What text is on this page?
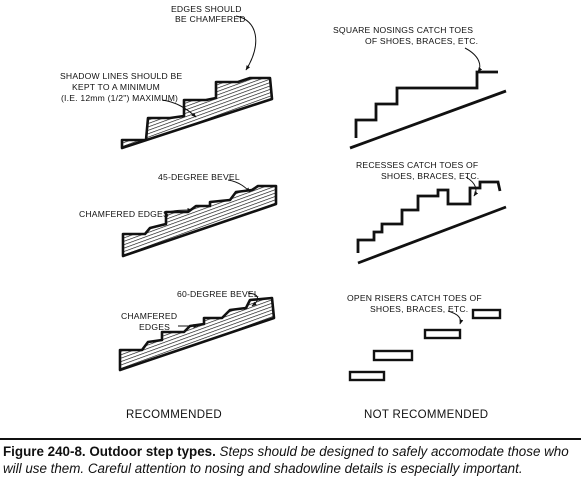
EDGES SHOULD BE CHAMFERED
SHADOW LINES SHOULD BE KEPT TO A MINIMUM (I.E. 12mm (1/2") MAXIMUM)
45-DEGREE BEVEL
CHAMFERED EDGES
60-DEGREE BEVEL
CHAMFERED EDGES
SQUARE NOSINGS CATCH TOES OF SHOES, BRACES, ETC.
RECESSES CATCH TOES OF SHOES, BRACES, ETC.
OPEN RISERS CATCH TOES OF SHOES, BRACES, ETC.
RECOMMENDED	NOT RECOMMENDED

Figure 240-8. Outdoor step types. Steps should be designed to safely accomodate those who will use them. Careful attention to nosing and shadowline details is especially important.
